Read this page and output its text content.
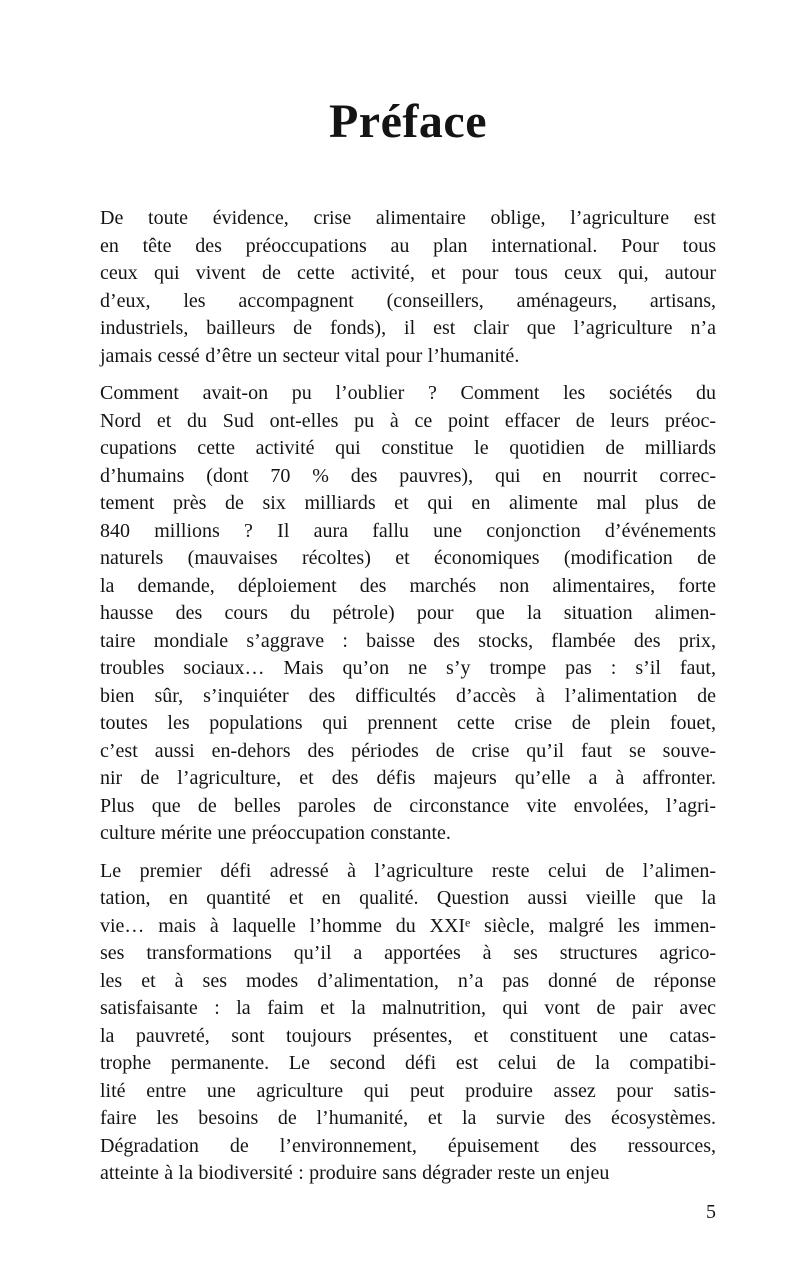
Préface
De toute évidence, crise alimentaire oblige, l’agriculture est
en tête des préoccupations au plan international. Pour tous
ceux qui vivent de cette activité, et pour tous ceux qui, autour
d’eux, les accompagnent (conseillers, aménageurs, artisans,
industriels, bailleurs de fonds), il est clair que l’agriculture n’a
jamais cessé d’être un secteur vital pour l’humanité.
Comment avait-on pu l’oublier ? Comment les sociétés du
Nord et du Sud ont-elles pu à ce point effacer de leurs préoc-
cupations cette activité qui constitue le quotidien de milliards
d’humains (dont 70 % des pauvres), qui en nourrit correc-
tement près de six milliards et qui en alimente mal plus de
840 millions ? Il aura fallu une conjonction d’événements
naturels (mauvaises récoltes) et économiques (modification de
la demande, déploiement des marchés non alimentaires, forte
hausse des cours du pétrole) pour que la situation alimen-
taire mondiale s’aggrave : baisse des stocks, flambée des prix,
troubles sociaux… Mais qu’on ne s’y trompe pas : s’il faut,
bien sûr, s’inquiéter des difficultés d’accès à l’alimentation de
toutes les populations qui prennent cette crise de plein fouet,
c’est aussi en-dehors des périodes de crise qu’il faut se souve-
nir de l’agriculture, et des défis majeurs qu’elle a à affronter.
Plus que de belles paroles de circonstance vite envolées, l’agri-
culture mérite une préoccupation constante.
Le premier défi adressé à l’agriculture reste celui de l’alimen-
tation, en quantité et en qualité. Question aussi vieille que la
vie… mais à laquelle l’homme du XXIᵉ siècle, malgré les immen-
ses transformations qu’il a apportées à ses structures agrico-
les et à ses modes d’alimentation, n’a pas donné de réponse
satisfaisante : la faim et la malnutrition, qui vont de pair avec
la pauvreté, sont toujours présentes, et constituent une catas-
trophe permanente. Le second défi est celui de la compatibi-
lité entre une agriculture qui peut produire assez pour satis-
faire les besoins de l’humanité, et la survie des écosystèmes.
Dégradation de l’environnement, épuisement des ressources,
atteinte à la biodiversité : produire sans dégrader reste un enjeu
5
